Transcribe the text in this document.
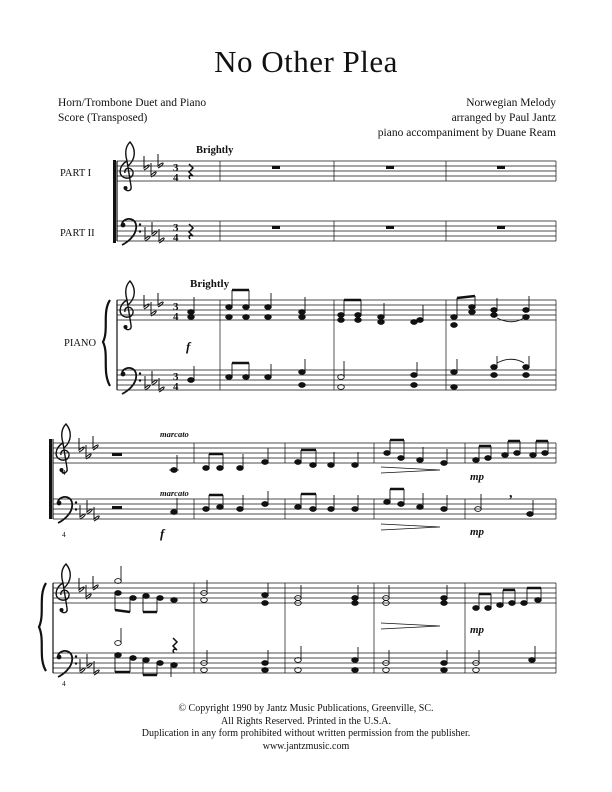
No Other Plea
Horn/Trombone Duet and Piano
Score (Transposed)
Norwegian Melody
arranged by Paul Jantz
piano accompaniment by Duane Ream
3
4
3
4
3
4
3
4
PART I
PART II
PIANO
Brightly
Brightly
f
,
4
4
4
marcato
marcato
f
mp
mp
mp
© Copyright 1990 by Jantz Music Publications, Greenville, SC.
All Rights Reserved. Printed in the U.S.A.
Duplication in any form prohibited without written permission from the publisher.
www.jantzmusic.com
